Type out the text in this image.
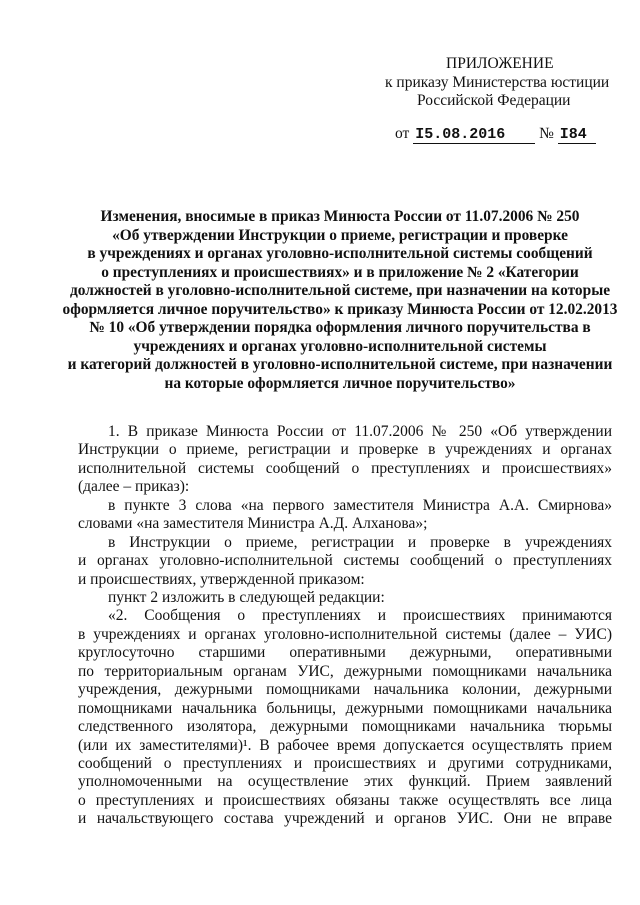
ПРИЛОЖЕНИЕ
к приказу Министерства юстиции
Российской Федерации
от I5.08.2016 № I84
Изменения, вносимые в приказ Минюста России от 11.07.2006 № 250
«Об утверждении Инструкции о приеме, регистрации и проверке
в учреждениях и органах уголовно-исполнительной системы сообщений
о преступлениях и происшествиях» и в приложение № 2 «Категории
должностей в уголовно-исполнительной системе, при назначении на которые
оформляется личное поручительство» к приказу Минюста России от 12.02.2013
№ 10 «Об утверждении порядка оформления личного поручительства в
учреждениях и органах уголовно-исполнительной системы
и категорий должностей в уголовно-исполнительной системе, при назначении
на которые оформляется личное поручительство»
1. В приказе Минюста России от 11.07.2006 № 250 «Об утверждении
Инструкции о приеме, регистрации и проверке в учреждениях и органах
исполнительной системы сообщений о преступлениях и происшествиях»
(далее – приказ):
в пункте 3 слова «на первого заместителя Министра А.А. Смирнова»
словами «на заместителя Министра А.Д. Алханова»;
в Инструкции о приеме, регистрации и проверке в учреждениях
и органах уголовно-исполнительной системы сообщений о преступлениях
и происшествиях, утвержденной приказом:
пункт 2 изложить в следующей редакции:
«2. Сообщения о преступлениях и происшествиях принимаются
в учреждениях и органах уголовно-исполнительной системы (далее – УИС)
круглосуточно старшими оперативными дежурными, оперативными
по территориальным органам УИС, дежурными помощниками начальника
учреждения, дежурными помощниками начальника колонии, дежурными
помощниками начальника больницы, дежурными помощниками начальника
следственного изолятора, дежурными помощниками начальника тюрьмы
(или их заместителями)¹. В рабочее время допускается осуществлять прием
сообщений о преступлениях и происшествиях и другими сотрудниками,
уполномоченными на осуществление этих функций. Прием заявлений
о преступлениях и происшествиях обязаны также осуществлять все лица
и начальствующего состава учреждений и органов УИС. Они не вправе
